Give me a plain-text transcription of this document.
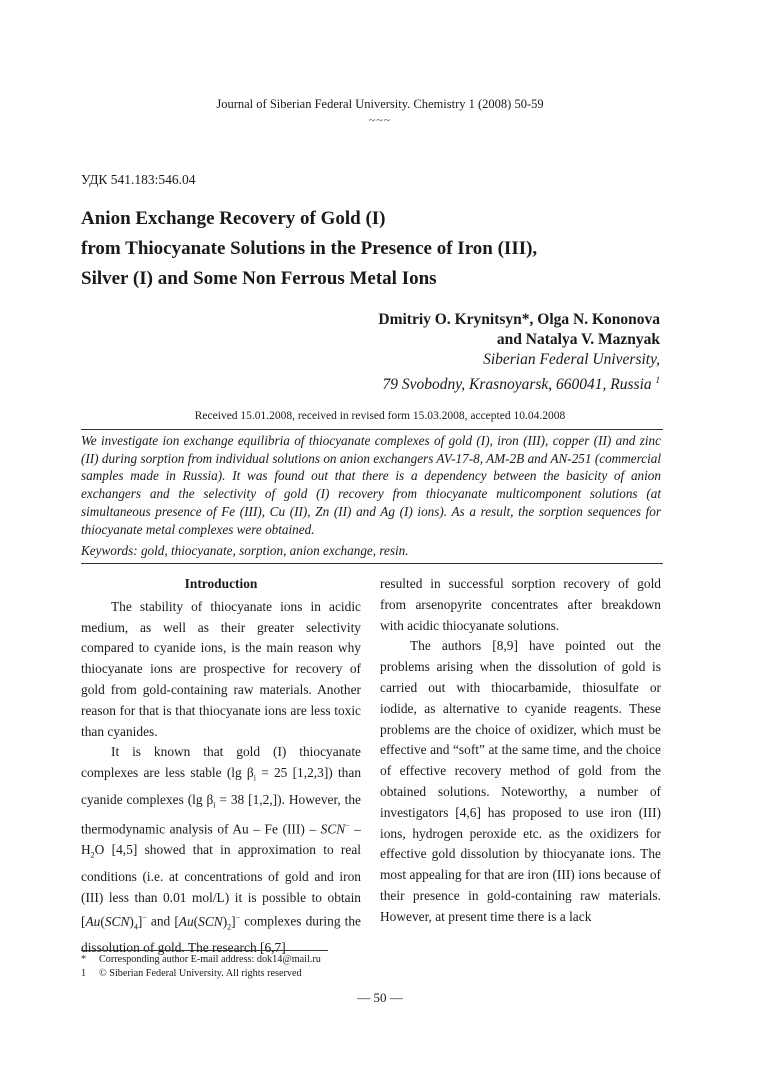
Journal of Siberian Federal University. Chemistry 1 (2008) 50-59
~~~
УДК 541.183:546.04
Anion Exchange Recovery of Gold (I)
from Thiocyanate Solutions in the Presence of Iron (III),
Silver (I) and Some Non Ferrous Metal Ions
Dmitriy O. Krynitsyn*, Olga N. Kononova
and Natalya V. Maznyak
Siberian Federal University,
79 Svobodny, Krasnoyarsk, 660041, Russia $^1$
Received 15.01.2008, received in revised form 15.03.2008, accepted 10.04.2008
We investigate ion exchange equilibria of thiocyanate complexes of gold (I), iron (III), copper (II) and zinc (II) during sorption from individual solutions on anion exchangers AV-17-8, AM-2B and AN-251 (commercial samples made in Russia). It was found out that there is a dependency between the basicity of anion exchangers and the selectivity of gold (I) recovery from thiocyanate multicomponent solutions (at simultaneous presence of Fe (III), Cu (II), Zn (II) and Ag (I) ions). As a result, the sorption sequences for thiocyanate metal complexes were obtained.
Keywords: gold, thiocyanate, sorption, anion exchange, resin.
Introduction

The stability of thiocyanate ions in acidic medium, as well as their greater selectivity compared to cyanide ions, is the main reason why thiocyanate ions are prospective for recovery of gold from gold-containing raw materials. Another reason for that is that thiocyanate ions are less toxic than cyanides.

It is known that gold (I) thiocyanate complexes are less stable (lg $\beta_i = 25$ [1,2,3]) than cyanide complexes (lg $\beta_i = 38$ [1,2,]). However, the thermodynamic analysis of Au – Fe $(III) - SCN^- - H_2O$ [4,5] showed that in approximation to real conditions (i.e. at concentrations of gold and iron (III) less than 0.01 mol/L) it is possible to obtain $[Au(SCN)_4]^-$ and $[Au(SCN)_2]^-$ complexes during the dissolution of gold. The research [6,7]

resulted in successful sorption recovery of gold from arsenopyrite concentrates after breakdown with acidic thiocyanate solutions.

The authors [8,9] have pointed out the problems arising when the dissolution of gold is carried out with thiocarbamide, thiosulfate or iodide, as alternative to cyanide reagents. These problems are the choice of oxidizer, which must be effective and “soft” at the same time, and the choice of effective recovery method of gold from the obtained solutions. Noteworthy, a number of investigators [4,6] has proposed to use iron (III) ions, hydrogen peroxide etc. as the oxidizers for effective gold dissolution by thiocyanate ions. The most appealing for that are iron (III) ions because of their presence in gold-containing raw materials. However, at present time there is a lack

* Corresponding author E-mail address: dok14@mail.ru
1 © Siberian Federal University. All rights reserved
— 50 —
